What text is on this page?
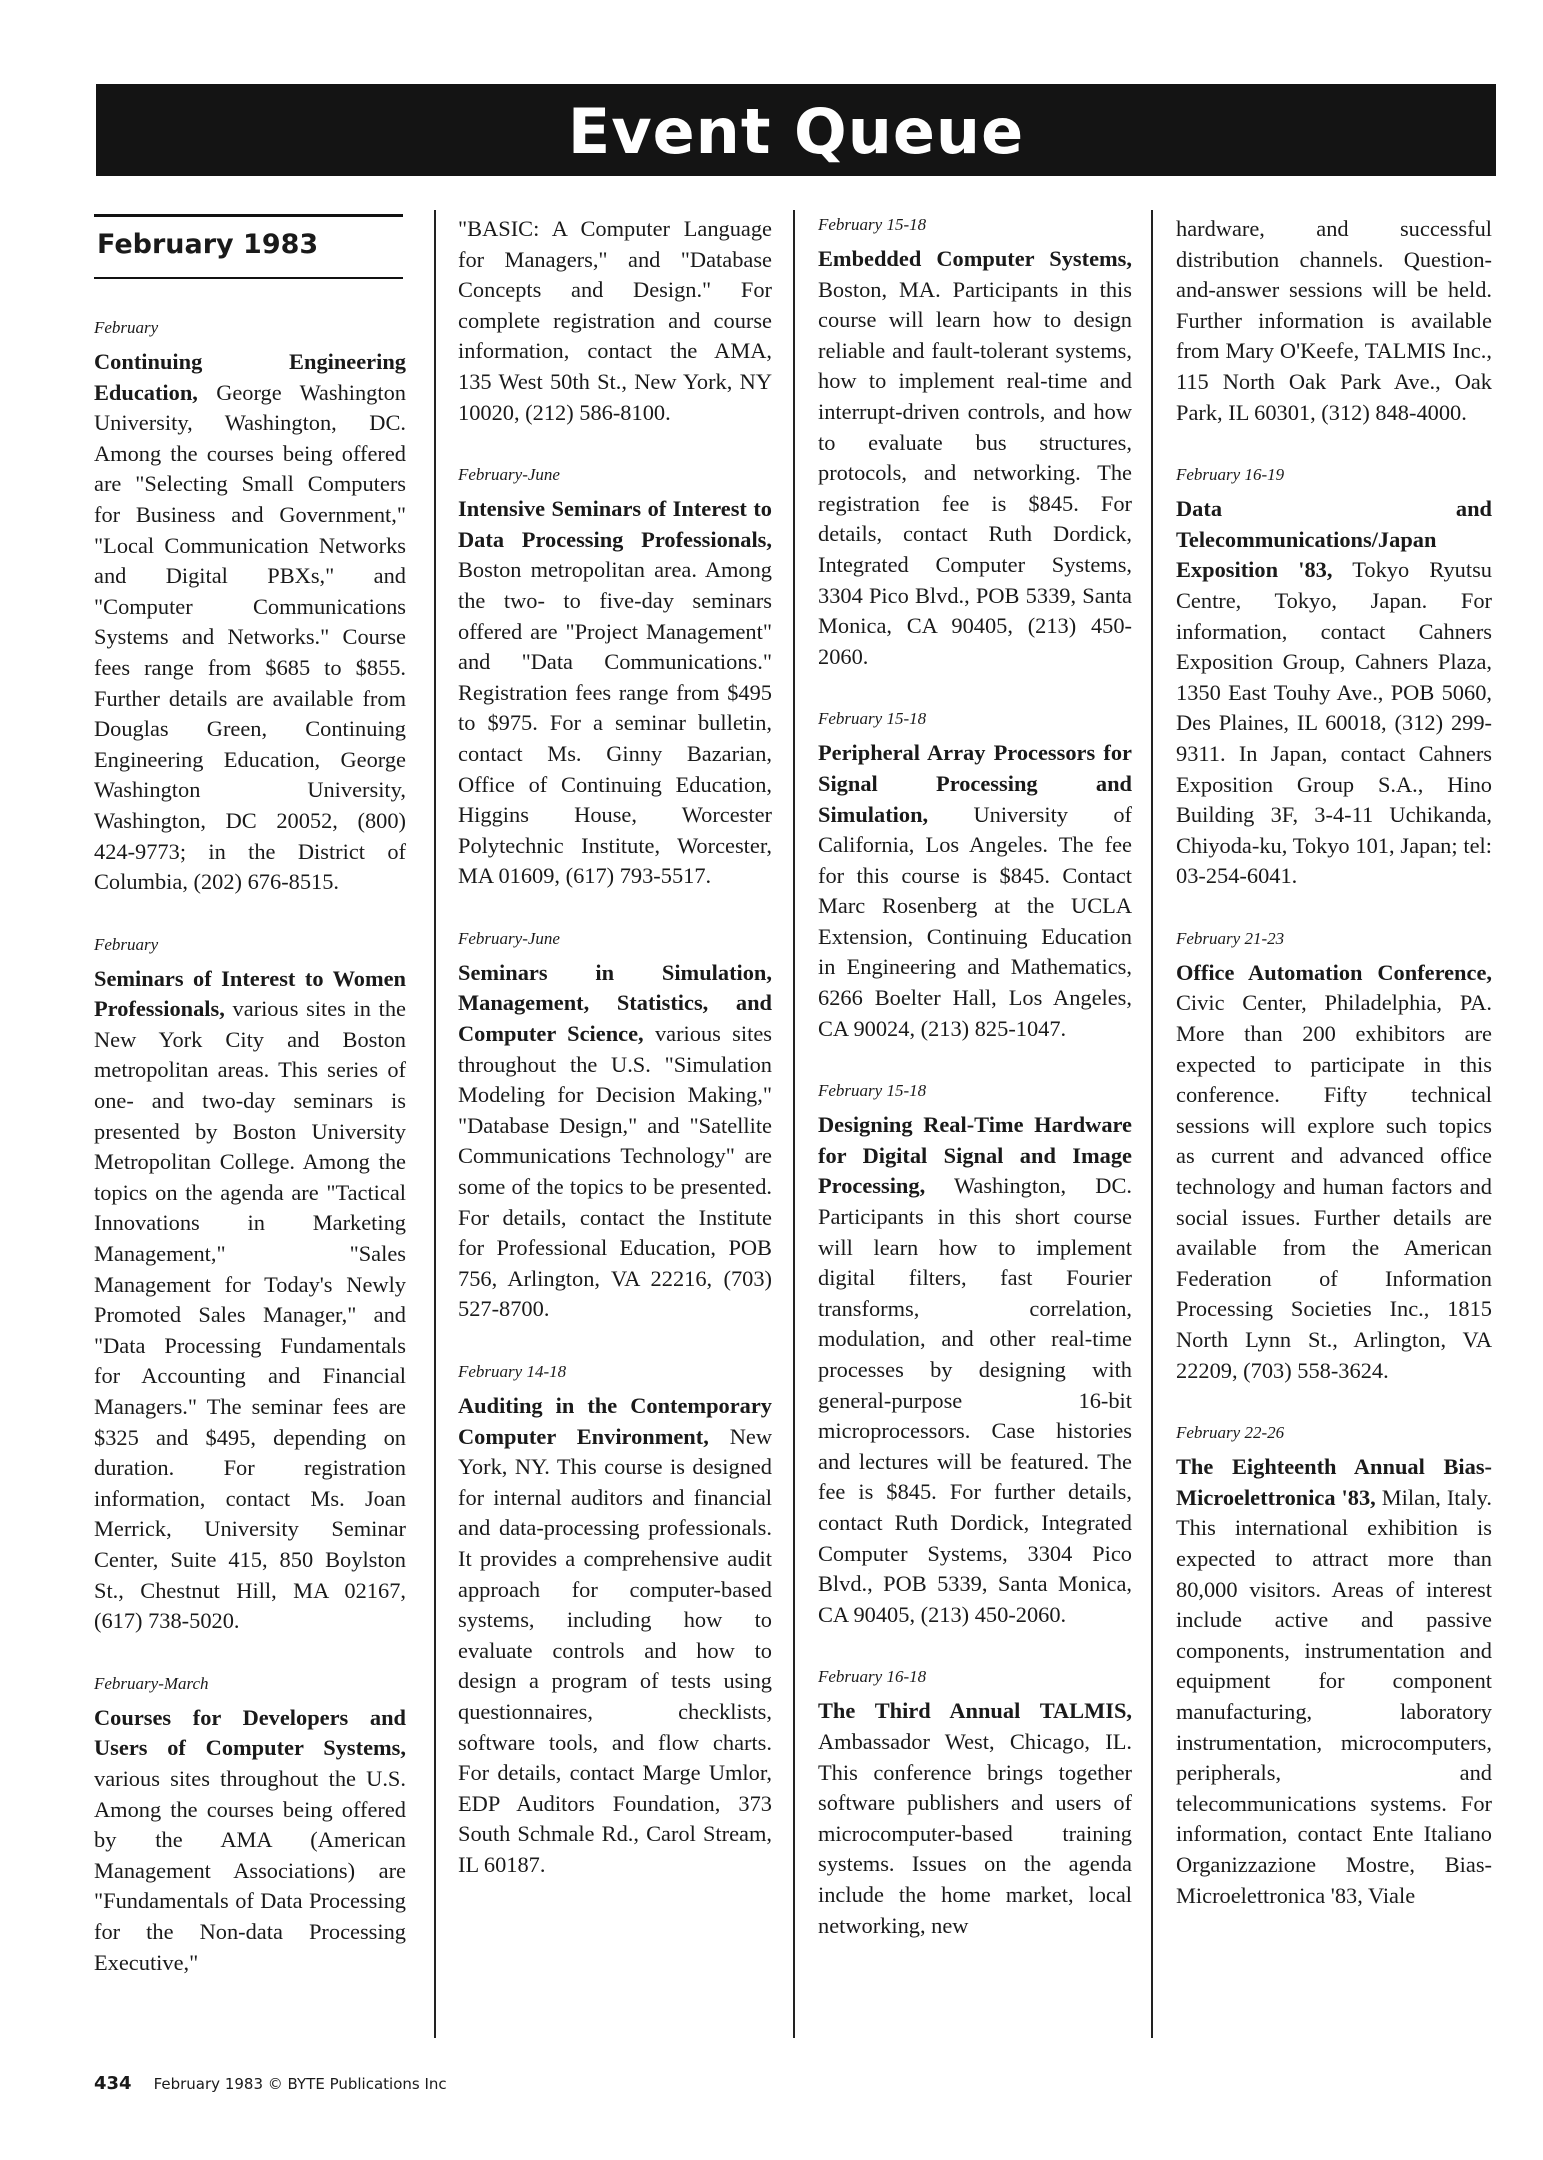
Event Queue
February 1983
February

Continuing Engineering Education, George Washington University, Washington, DC. Among the courses being offered are "Selecting Small Computers for Business and Government," "Local Communication Networks and Digital PBXs," and "Computer Communications Systems and Networks." Course fees range from $685 to $855. Further details are available from Douglas Green, Continuing Engineering Education, George Washington University, Washington, DC 20052, (800) 424-9773; in the District of Columbia, (202) 676-8515.

February

Seminars of Interest to Women Professionals, various sites in the New York City and Boston metropolitan areas. This series of one- and two-day seminars is presented by Boston University Metropolitan College. Among the topics on the agenda are "Tactical Innovations in Marketing Management," "Sales Management for Today's Newly Promoted Sales Manager," and "Data Processing Fundamentals for Accounting and Financial Managers." The seminar fees are $325 and $495, depending on duration. For registration information, contact Ms. Joan Merrick, University Seminar Center, Suite 415, 850 Boylston St., Chestnut Hill, MA 02167, (617) 738-5020.

February-March

Courses for Developers and Users of Computer Systems, various sites throughout the U.S. Among the courses being offered by the AMA (American Management Associations) are "Fundamentals of Data Processing for the Non-data Processing Executive,"

"BASIC: A Computer Language for Managers," and "Database Concepts and Design." For complete registration and course information, contact the AMA, 135 West 50th St., New York, NY 10020, (212) 586-8100.

February-June

Intensive Seminars of Interest to Data Processing Professionals, Boston metropolitan area. Among the two- to five-day seminars offered are "Project Management" and "Data Communications." Registration fees range from $495 to $975. For a seminar bulletin, contact Ms. Ginny Bazarian, Office of Continuing Education, Higgins House, Worcester Polytechnic Institute, Worcester, MA 01609, (617) 793-5517.

February-June

Seminars in Simulation, Management, Statistics, and Computer Science, various sites throughout the U.S. "Simulation Modeling for Decision Making," "Database Design," and "Satellite Communications Technology" are some of the topics to be presented. For details, contact the Institute for Professional Education, POB 756, Arlington, VA 22216, (703) 527-8700.

February 14-18

Auditing in the Contemporary Computer Environment, New York, NY. This course is designed for internal auditors and financial and data-processing professionals. It provides a comprehensive audit approach for computer-based systems, including how to evaluate controls and how to design a program of tests using questionnaires, checklists, software tools, and flow charts. For details, contact Marge Umlor, EDP Auditors Foundation, 373 South Schmale Rd., Carol Stream, IL 60187.

February 15-18

Embedded Computer Systems, Boston, MA. Participants in this course will learn how to design reliable and fault-tolerant systems, how to implement real-time and interrupt-driven controls, and how to evaluate bus structures, protocols, and networking. The registration fee is $845. For details, contact Ruth Dordick, Integrated Computer Systems, 3304 Pico Blvd., POB 5339, Santa Monica, CA 90405, (213) 450-2060.

February 15-18

Peripheral Array Processors for Signal Processing and Simulation, University of California, Los Angeles. The fee for this course is $845. Contact Marc Rosenberg at the UCLA Extension, Continuing Education in Engineering and Mathematics, 6266 Boelter Hall, Los Angeles, CA 90024, (213) 825-1047.

February 15-18

Designing Real-Time Hardware for Digital Signal and Image Processing, Washington, DC. Participants in this short course will learn how to implement digital filters, fast Fourier transforms, correlation, modulation, and other real-time processes by designing with general-purpose 16-bit microprocessors. Case histories and lectures will be featured. The fee is $845. For further details, contact Ruth Dordick, Integrated Computer Systems, 3304 Pico Blvd., POB 5339, Santa Monica, CA 90405, (213) 450-2060.

February 16-18

The Third Annual TALMIS, Ambassador West, Chicago, IL. This conference brings together software publishers and users of microcomputer-based training systems. Issues on the agenda include the home market, local networking, new

hardware, and successful distribution channels. Question-and-answer sessions will be held. Further information is available from Mary O'Keefe, TALMIS Inc., 115 North Oak Park Ave., Oak Park, IL 60301, (312) 848-4000.

February 16-19

Data and Telecommunications/Japan Exposition '83, Tokyo Ryutsu Centre, Tokyo, Japan. For information, contact Cahners Exposition Group, Cahners Plaza, 1350 East Touhy Ave., POB 5060, Des Plaines, IL 60018, (312) 299-9311. In Japan, contact Cahners Exposition Group S.A., Hino Building 3F, 3-4-11 Uchikanda, Chiyoda-ku, Tokyo 101, Japan; tel: 03-254-6041.

February 21-23

Office Automation Conference, Civic Center, Philadelphia, PA. More than 200 exhibitors are expected to participate in this conference. Fifty technical sessions will explore such topics as current and advanced office technology and human factors and social issues. Further details are available from the American Federation of Information Processing Societies Inc., 1815 North Lynn St., Arlington, VA 22209, (703) 558-3624.

February 22-26

The Eighteenth Annual Bias-Microelettronica '83, Milan, Italy. This international exhibition is expected to attract more than 80,000 visitors. Areas of interest include active and passive components, instrumentation and equipment for component manufacturing, laboratory instrumentation, microcomputers, peripherals, and telecommunications systems. For information, contact Ente Italiano Organizzazione Mostre, Bias-Microelettronica '83, Viale

434 February 1983 © BYTE Publications Inc
